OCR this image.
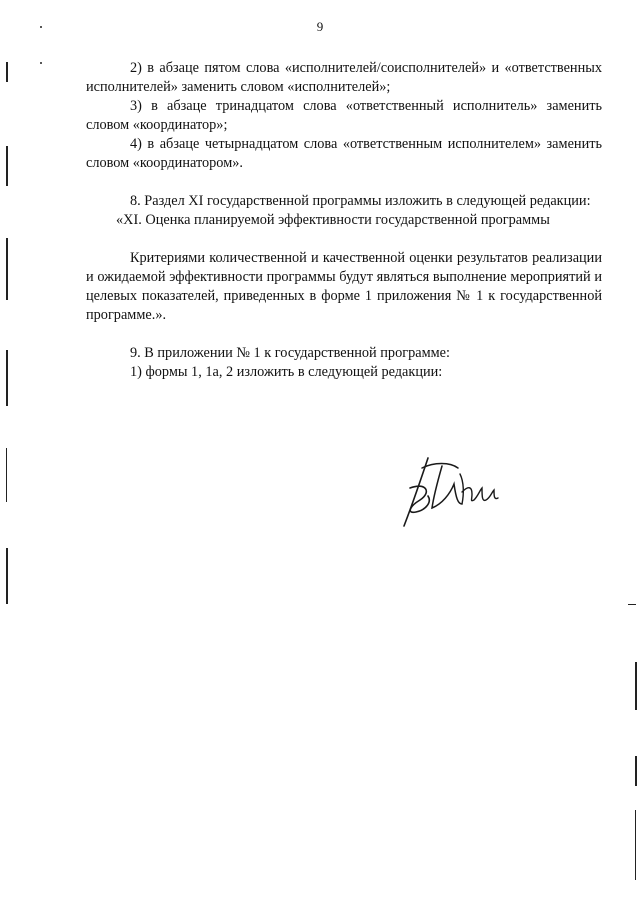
9

2) в абзаце пятом слова «исполнителей/соисполнителей» и «ответственных исполнителей» заменить словом «исполнителей»;

3) в абзаце тринадцатом слова «ответственный исполнитель» заменить словом «координатор»;

4) в абзаце четырнадцатом слова «ответственным исполнителем» заменить словом «координатором».

8. Раздел XI государственной программы изложить в следующей редакции:

«XI. Оценка планируемой эффективности государственной программы

Критериями количественной и качественной оценки результатов реализации и ожидаемой эффективности программы будут являться выполнение мероприятий и целевых показателей, приведенных в форме 1 приложения № 1 к государственной программе.».

9. В приложении № 1 к государственной программе:

1) формы 1, 1а, 2 изложить в следующей редакции:
